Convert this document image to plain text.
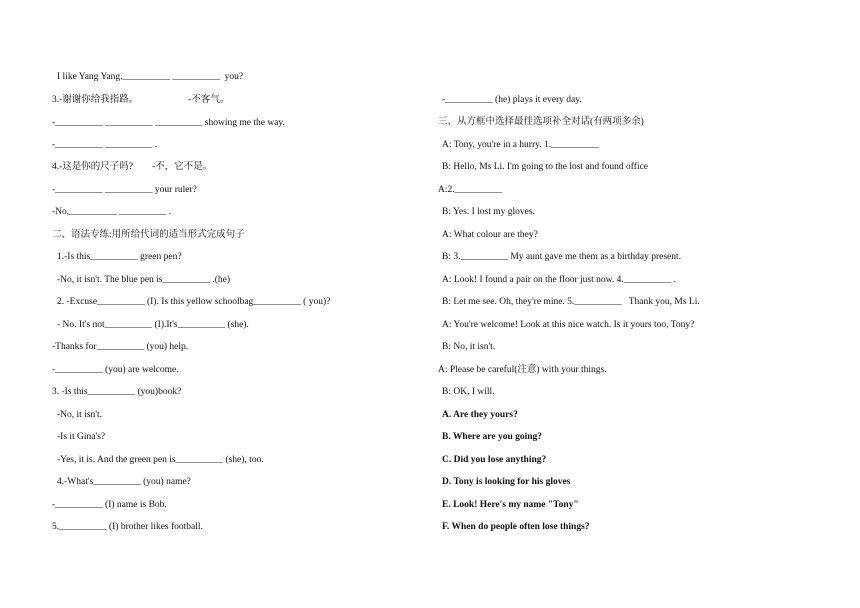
I like Yang Yang.__________ __________  you?
3.-谢谢你给我指路。                     -不客气。
-__________ __________ __________ showing me the way.
-__________ __________ .
4.-这是你的尺子吗?        -不，它不是。
-__________ __________ your ruler?
-No,__________ __________ .
二、语法专练:用所给代词的适当形式完成句子
1.-Is this__________ green pen?
-No, it isn't. The blue pen is__________ .(he)
2. -Excuse__________ (I). Is this yellow schoolbag__________ ( you)?
- No. It's not__________ (I).It's__________ (she).
-Thanks for__________ (you) help.
-__________ (you) are welcome.
3. -Is this__________ (you)book?
-No, it isn't.
-Is it Gina's?
-Yes, it is. And the green pen is__________ (she), too.
4.-What's__________ (you) name?
-__________ (I) name is Bob.
5.__________ (I) brother likes football.
-__________ (he) plays it every day.
三、从方框中选择最佳选项补全对话(有两项多余)
A: Tony, you're in a hurry. 1.__________
B: Hello, Ms Li. I'm going to the lost and found office
A:2.__________
B: Yes. I lost my gloves.
A: What colour are they?
B: 3.__________ My aunt gave me them as a birthday present.
A: Look! I found a pair on the floor just now. 4.__________ .
B: Let me see. Oh, they're mine. 5.__________   Thank you, Ms Li.
A: You're welcome! Look at this nice watch. Is it yours too, Tony?
B: No, it isn't.
A: Please be careful(注意) with your things.
B: OK, I will.
A. Are they yours?
B. Where are you going?
C. Did you lose anything?
D. Tony is looking for his gloves
E. Look! Here's my name "Tony"
F. When do people often lose things?
